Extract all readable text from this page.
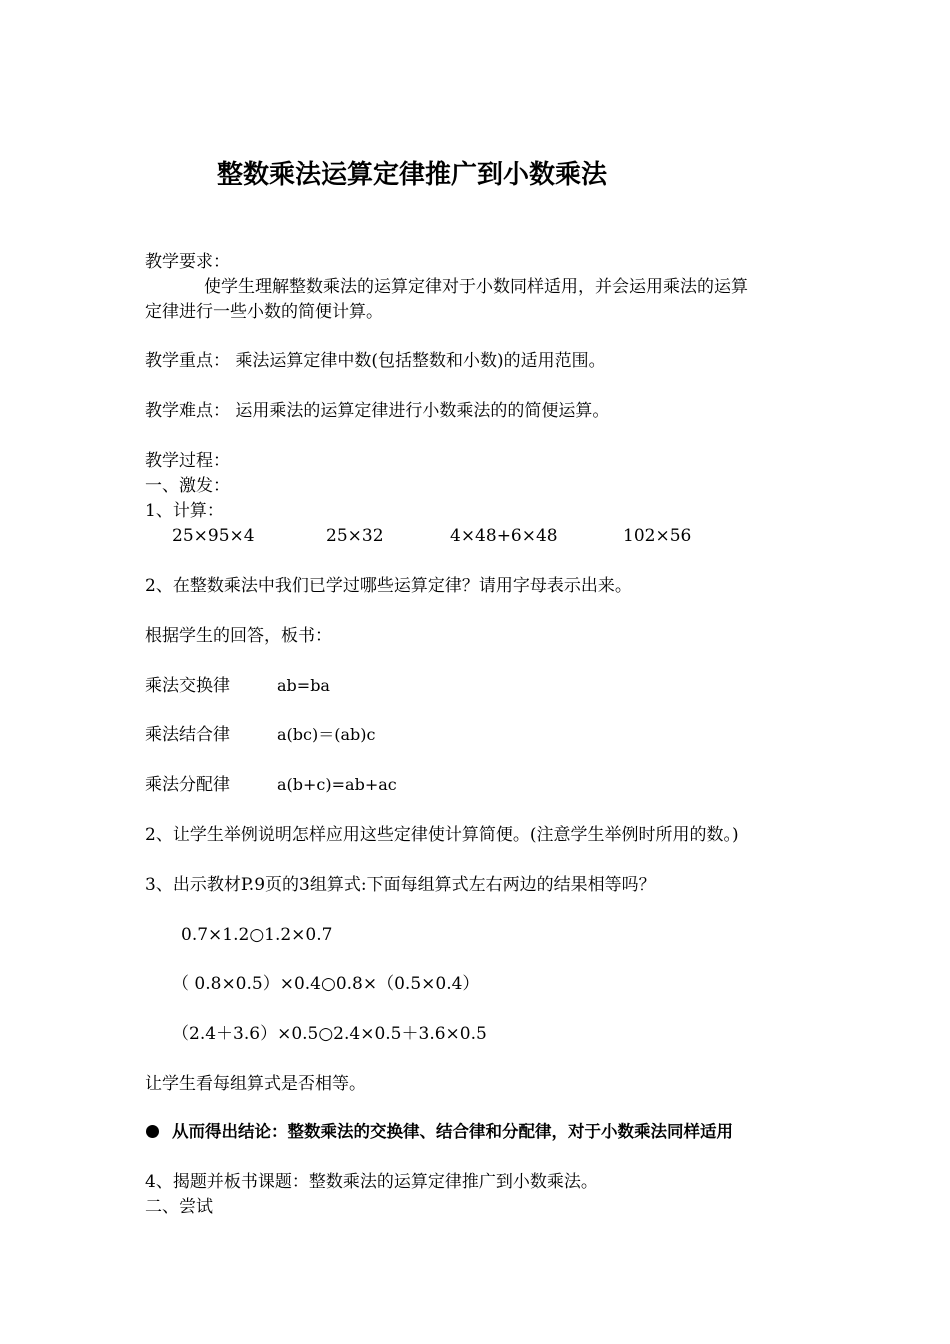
整数乘法运算定律推广到小数乘法
教学要求：
使学生理解整数乘法的运算定律对于小数同样适用，并会运用乘法的运算
定律进行一些小数的简便计算。
教学重点： 乘法运算定律中数(包括整数和小数)的适用范围。
教学难点： 运用乘法的运算定律进行小数乘法的的简便运算。
教学过程：
一、激发：
1、计算：
25×95×4	25×32	4×48+6×48	102×56
2、在整数乘法中我们已学过哪些运算定律？请用字母表示出来。
根据学生的回答，板书：
乘法交换律	ab=ba
乘法结合律	a(bc)＝(ab)c
乘法分配律	a(b+c)=ab+ac
2、让学生举例说明怎样应用这些定律使计算简便。(注意学生举例时所用的数。)
3、出示教材P.9页的3组算式:下面每组算式左右两边的结果相等吗？
0.7×1.2○1.2×0.7
（ 0.8×0.5）×0.4○0.8×（0.5×0.4）
（2.4＋3.6）×0.5○2.4×0.5＋3.6×0.5
让学生看每组算式是否相等。
从而得出结论：整数乘法的交换律、结合律和分配律，对于小数乘法同样适用
4、揭题并板书课题：整数乘法的运算定律推广到小数乘法。
二、尝试
